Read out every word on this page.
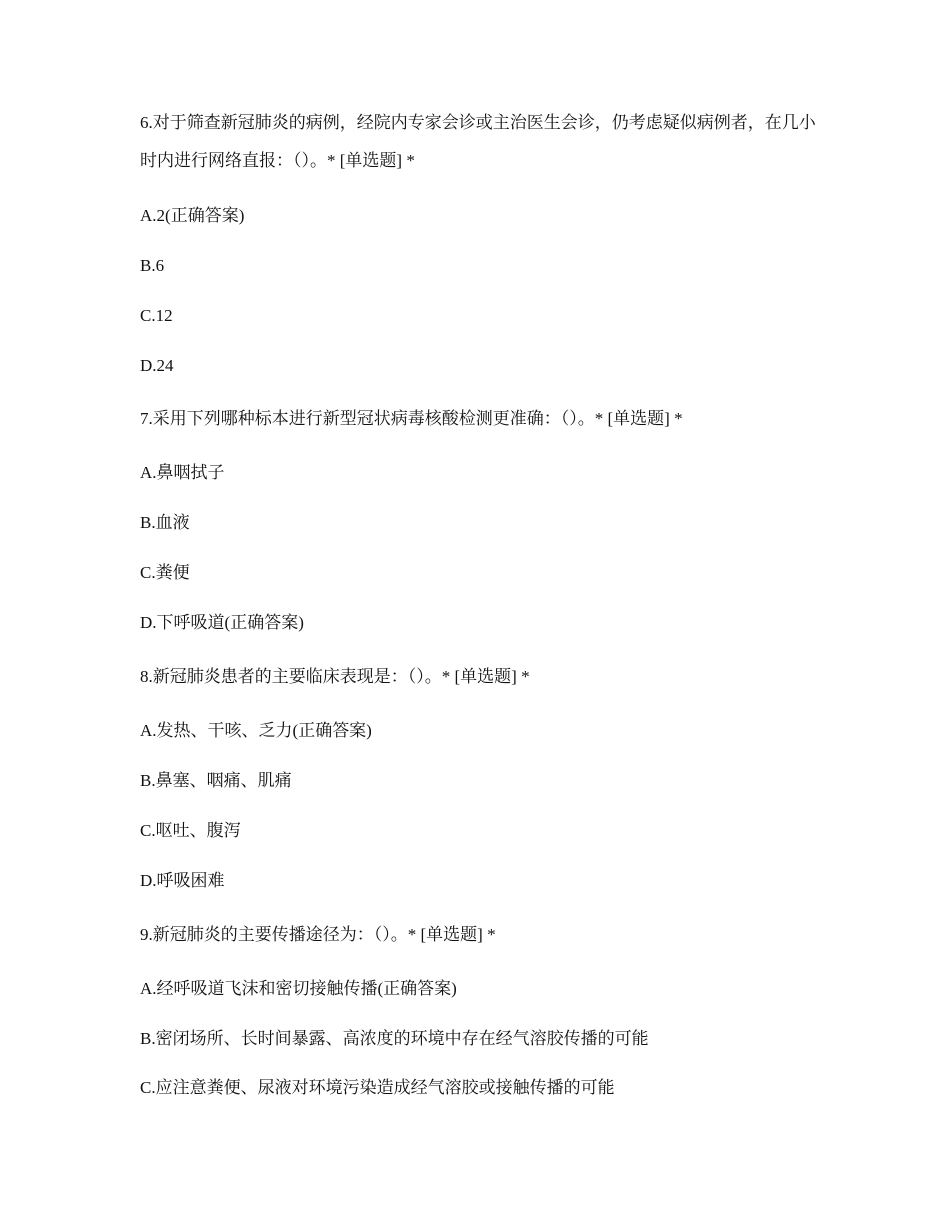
6.对于筛查新冠肺炎的病例，经院内专家会诊或主治医生会诊，仍考虑疑似病例者，在几小时内进行网络直报：（）。* [单选题] *
A.2(正确答案)
B.6
C.12
D.24
7.采用下列哪种标本进行新型冠状病毒核酸检测更准确：（）。* [单选题] *
A.鼻咽拭子
B.血液
C.粪便
D.下呼吸道(正确答案)
8.新冠肺炎患者的主要临床表现是：（）。* [单选题] *
A.发热、干咳、乏力(正确答案)
B.鼻塞、咽痛、肌痛
C.呕吐、腹泻
D.呼吸困难
9.新冠肺炎的主要传播途径为：（）。* [单选题] *
A.经呼吸道飞沫和密切接触传播(正确答案)
B.密闭场所、长时间暴露、高浓度的环境中存在经气溶胶传播的可能
C.应注意粪便、尿液对环境污染造成经气溶胶或接触传播的可能
